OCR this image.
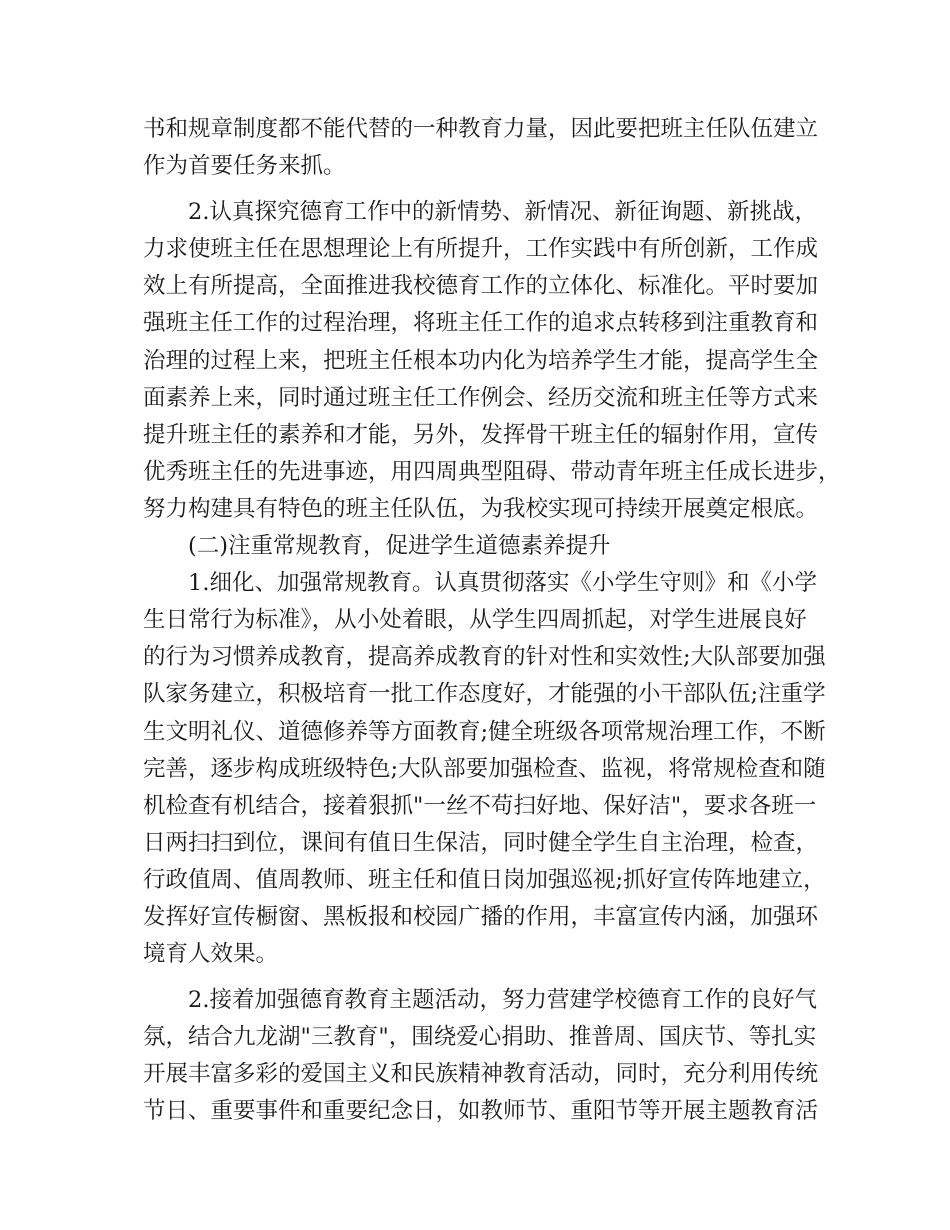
书和规章制度都不能代替的一种教育力量，因此要把班主任队伍建立
作为首要任务来抓。
　　2.认真探究德育工作中的新情势、新情况、新征询题、新挑战，
力求使班主任在思想理论上有所提升，工作实践中有所创新，工作成
效上有所提高，全面推进我校德育工作的立体化、标准化。平时要加
强班主任工作的过程治理，将班主任工作的追求点转移到注重教育和
治理的过程上来，把班主任根本功内化为培养学生才能，提高学生全
面素养上来，同时通过班主任工作例会、经历交流和班主任等方式来
提升班主任的素养和才能，另外，发挥骨干班主任的辐射作用，宣传
优秀班主任的先进事迹，用四周典型阻碍、带动青年班主任成长进步，
努力构建具有特色的班主任队伍，为我校实现可持续开展奠定根底。
　　(二)注重常规教育，促进学生道德素养提升
　　1.细化、加强常规教育。认真贯彻落实《小学生守则》和《小学
生日常行为标准》，从小处着眼，从学生四周抓起，对学生进展良好
的行为习惯养成教育，提高养成教育的针对性和实效性;大队部要加强
队家务建立，积极培育一批工作态度好，才能强的小干部队伍;注重学
生文明礼仪、道德修养等方面教育;健全班级各项常规治理工作，不断
完善，逐步构成班级特色;大队部要加强检查、监视，将常规检查和随
机检查有机结合，接着狠抓"一丝不苟扫好地、保好洁"，要求各班一
日两扫扫到位，课间有值日生保洁，同时健全学生自主治理，检查，
行政值周、值周教师、班主任和值日岗加强巡视;抓好宣传阵地建立，
发挥好宣传橱窗、黑板报和校园广播的作用，丰富宣传内涵，加强环
境育人效果。
　　2.接着加强德育教育主题活动，努力营建学校德育工作的良好气
氛，结合九龙湖"三教育"，围绕爱心捐助、推普周、国庆节、等扎实
开展丰富多彩的爱国主义和民族精神教育活动，同时，充分利用传统
节日、重要事件和重要纪念日，如教师节、重阳节等开展主题教育活
